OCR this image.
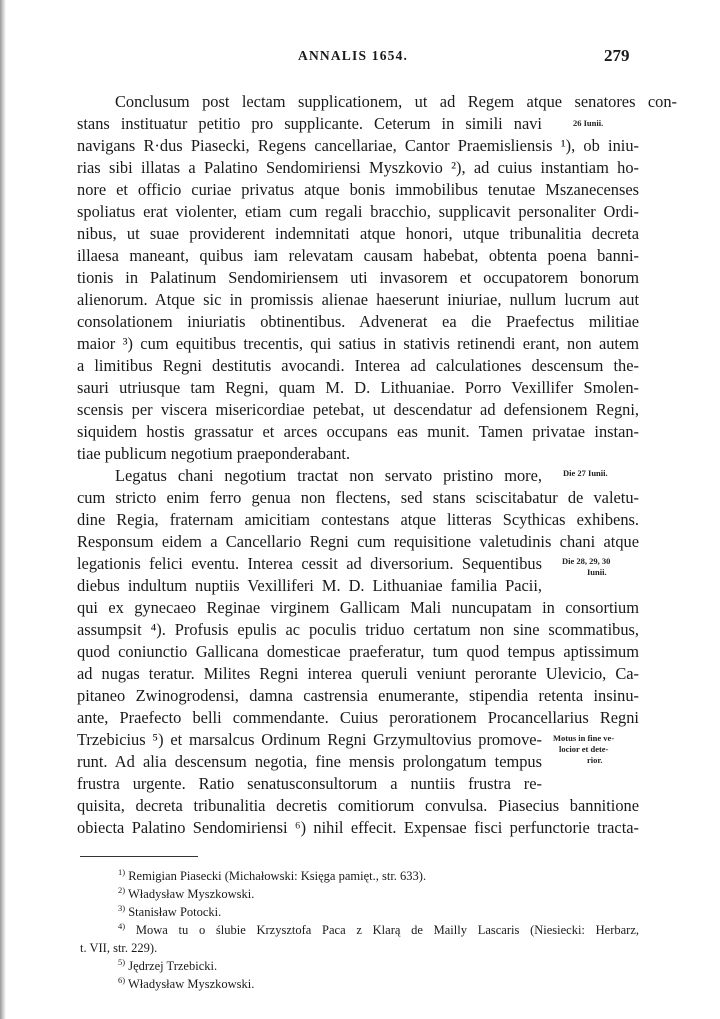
ANNALIS 1654.	279
Conclusum post lectam supplicationem, ut ad Regem atque senatores con-
stans instituatur petitio pro supplicante. Ceterum in simili navi
navigans R·dus Piasecki, Regens cancellariae, Cantor Praemisliensis ¹), ob iniu-
rias sibi illatas a Palatino Sendomiriensi Myszkovio ²), ad cuius instantiam ho-
nore et officio curiae privatus atque bonis immobilibus tenutae Mszanecenses
spoliatus erat violenter, etiam cum regali bracchio, supplicavit personaliter Ordi-
nibus, ut suae providerent indemnitati atque honori, utque tribunalitia decreta
illaesa maneant, quibus iam relevatam causam habebat, obtenta poena banni-
tionis in Palatinum Sendomiriensem uti invasorem et occupatorem bonorum
alienorum. Atque sic in promissis alienae haeserunt iniuriae, nullum lucrum aut
consolationem iniuriatis obtinentibus. Advenerat ea die Praefectus militiae
maior ³) cum equitibus trecentis, qui satius in stativis retinendi erant, non autem
a limitibus Regni destitutis avocandi. Interea ad calculationes descensum the-
sauri utriusque tam Regni, quam M. D. Lithuaniae. Porro Vexillifer Smolen-
scensis per viscera misericordiae petebat, ut descendatur ad defensionem Regni,
siquidem hostis grassatur et arces occupans eas munit. Tamen privatae instan-
tiae publicum negotium praeponderabant.
Legatus chani negotium tractat non servato pristino more,
cum stricto enim ferro genua non flectens, sed stans sciscitabatur de valetu-
dine Regia, fraternam amicitiam contestans atque litteras Scythicas exhibens.
Responsum eidem a Cancellario Regni cum requisitione valetudinis chani atque
legationis felici eventu. Interea cessit ad diversorium. Sequentibus
diebus indultum nuptiis Vexilliferi M. D. Lithuaniae familia Pacii,
qui ex gynecaeo Reginae virginem Gallicam Mali nuncupatam in consortium
assumpsit ⁴). Profusis epulis ac poculis triduo certatum non sine scommatibus,
quod coniunctio Gallicana domesticae praeferatur, tum quod tempus aptissimum
ad nugas teratur. Milites Regni interea queruli veniunt perorante Ulevicio, Ca-
pitaneo Zwinogrodensi, damna castrensia enumerante, stipendia retenta insinu-
ante, Praefecto belli commendante. Cuius perorationem Procancellarius Regni
Trzebicius ⁵) et marsalcus Ordinum Regni Grzymultovius promove-
runt. Ad alia descensum negotia, fine mensis prolongatum tempus
frustra urgente. Ratio senatusconsultorum a nuntiis frustra re-
quisita, decreta tribunalitia decretis comitiorum convulsa. Piasecius bannitione
obiecta Palatino Sendomiriensi ⁶) nihil effecit. Expensae fisci perfunctorie tracta-
26 Iunii.
Die 27 Iunii.
Die 28, 29, 30
Iunii.
Motus in fine ve-
locior et dete-
rior.
$^{1)}$ Remigian Piasecki (Michałowski: Księga pamięt., str. 633).
$^{2)}$ Władysław Myszkowski.
$^{3)}$ Stanisław Potocki.
$^{4)}$ Mowa tu o ślubie Krzysztofa Paca z Klarą de Mailly Lascaris (Niesiecki: Herbarz,
t. VII, str. 229).
$^{5)}$ Jędrzej Trzebicki.
$^{6)}$ Władysław Myszkowski.
